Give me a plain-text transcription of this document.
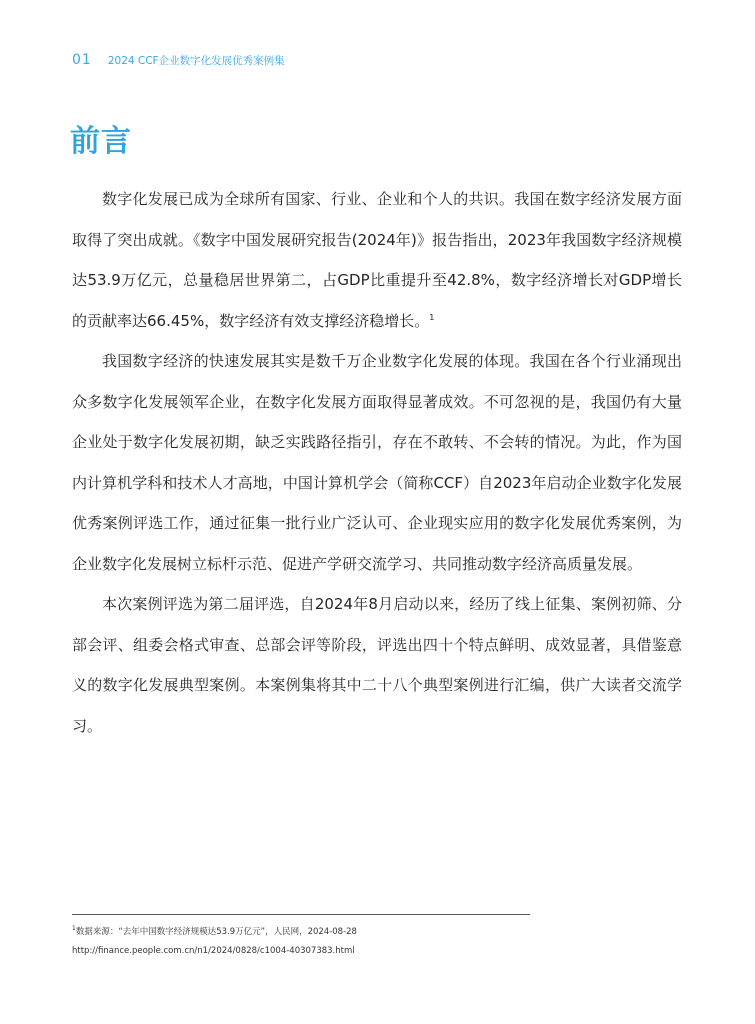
01 2024 CCF企业数字化发展优秀案例集
前言

数字化发展已成为全球所有国家、行业、企业和个人的共识。我国在数字经济发展方面取得了突出成就。《数字中国发展研究报告(2024年)》报告指出，2023年我国数字经济规模达53.9万亿元，总量稳居世界第二，占GDP比重提升至42.8%，数字经济增长对GDP增长的贡献率达66.45%，数字经济有效支撑经济稳增长。$^1$

我国数字经济的快速发展其实是数千万企业数字化发展的体现。我国在各个行业涌现出众多数字化发展领军企业，在数字化发展方面取得显著成效。不可忽视的是，我国仍有大量企业处于数字化发展初期，缺乏实践路径指引，存在不敢转、不会转的情况。为此，作为国内计算机学科和技术人才高地，中国计算机学会（简称CCF）自2023年启动企业数字化发展优秀案例评选工作，通过征集一批行业广泛认可、企业现实应用的数字化发展优秀案例，为企业数字化发展树立标杆示范、促进产学研交流学习、共同推动数字经济高质量发展。

本次案例评选为第二届评选，自2024年8月启动以来，经历了线上征集、案例初筛、分部会评、组委会格式审查、总部会评等阶段，评选出四十个特点鲜明、成效显著，具借鉴意义的数字化发展典型案例。本案例集将其中二十八个典型案例进行汇编，供广大读者交流学习。

$^1$数据来源：“去年中国数字经济规模达53.9万亿元”，人民网，2024-08-28
http://finance.people.com.cn/n1/2024/0828/c1004-40307383.html
